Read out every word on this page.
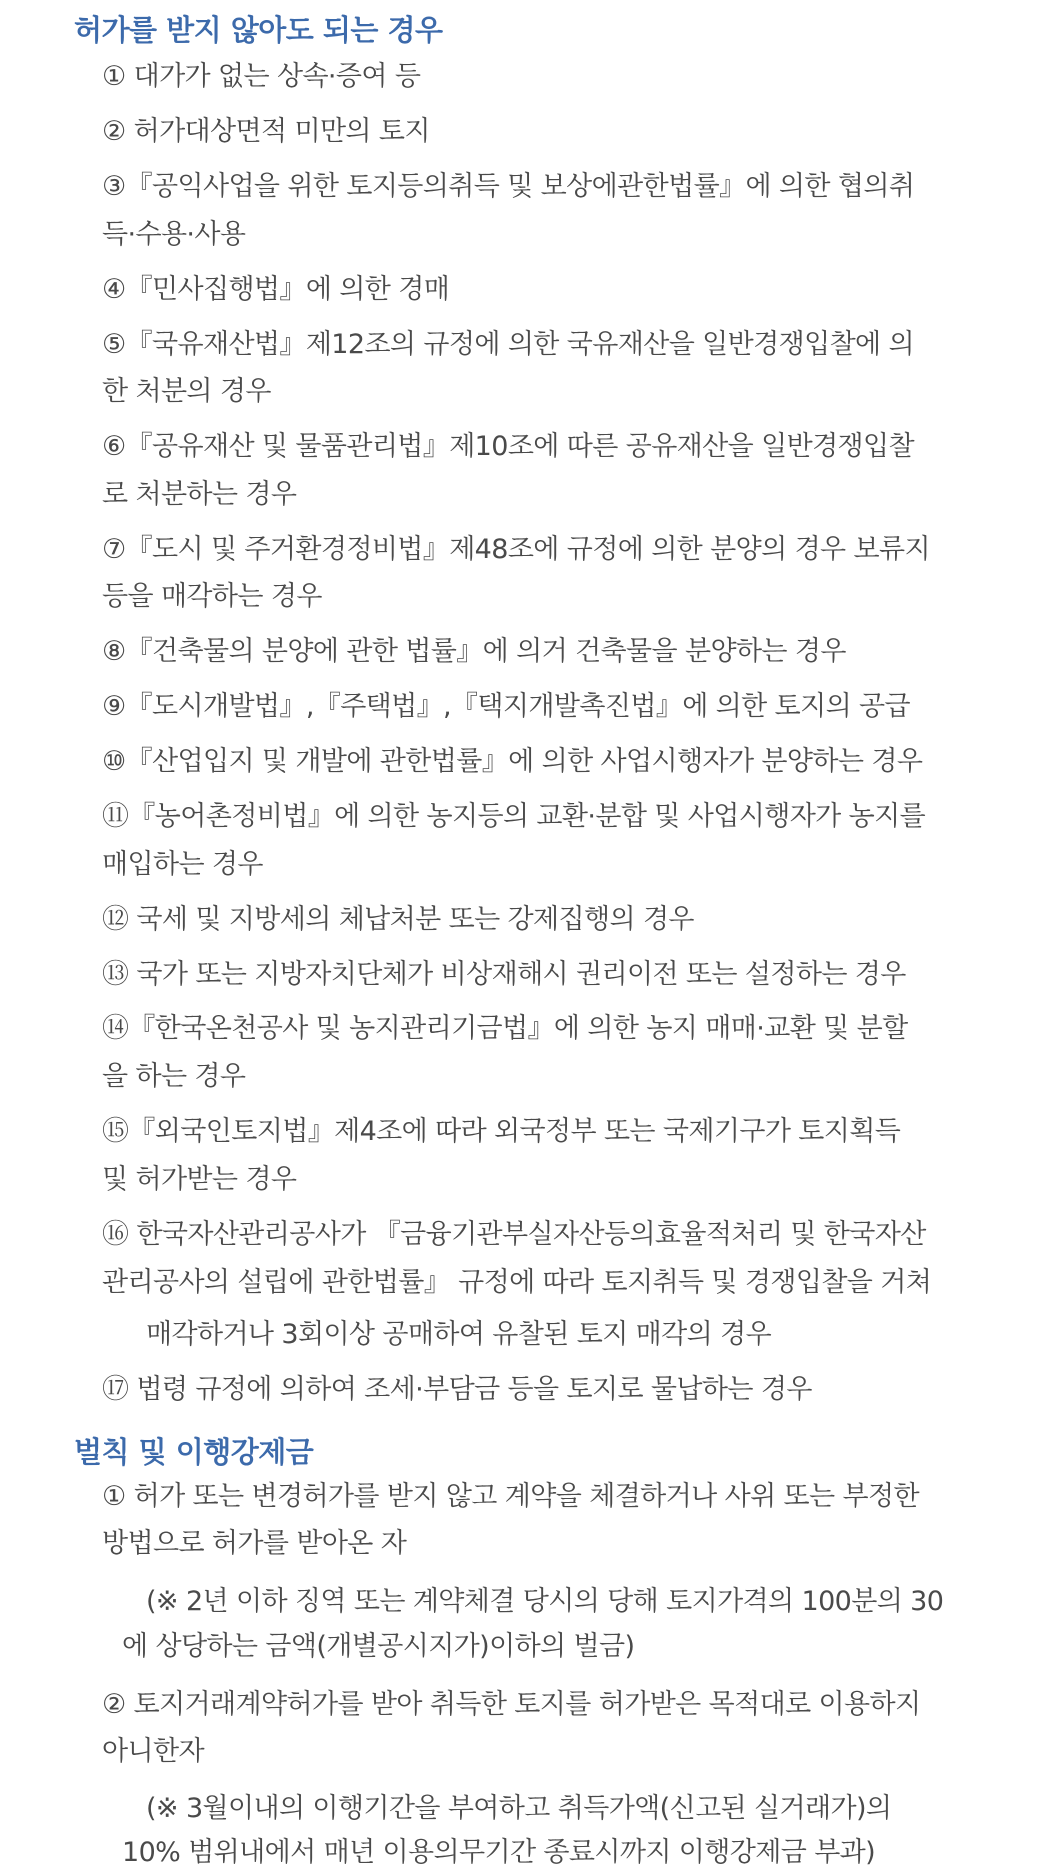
허가를 받지 않아도 되는 경우
① 대가가 없는 상속·증여 등
② 허가대상면적 미만의 토지
③『공익사업을 위한 토지등의취득 및 보상에관한법률』에 의한 협의취
득·수용·사용
④『민사집행법』에 의한 경매
⑤『국유재산법』제12조의 규정에 의한 국유재산을 일반경쟁입찰에 의
한 처분의 경우
⑥『공유재산 및 물품관리법』제10조에 따른 공유재산을 일반경쟁입찰
로 처분하는 경우
⑦『도시 및 주거환경정비법』제48조에 규정에 의한 분양의 경우 보류지
등을 매각하는 경우
⑧『건축물의 분양에 관한 법률』에 의거 건축물을 분양하는 경우
⑨『도시개발법』,『주택법』,『택지개발촉진법』에 의한 토지의 공급
⑩『산업입지 및 개발에 관한법률』에 의한 사업시행자가 분양하는 경우
⑪『농어촌정비법』에 의한 농지등의 교환·분합 및 사업시행자가 농지를
매입하는 경우
⑫ 국세 및 지방세의 체납처분 또는 강제집행의 경우
⑬ 국가 또는 지방자치단체가 비상재해시 권리이전 또는 설정하는 경우
⑭『한국온천공사 및 농지관리기금법』에 의한 농지 매매·교환 및 분할
을 하는 경우
⑮『외국인토지법』제4조에 따라 외국정부 또는 국제기구가 토지획득
및 허가받는 경우
⑯ 한국자산관리공사가 『금융기관부실자산등의효율적처리 및 한국자산
관리공사의 설립에 관한법률』 규정에 따라 토지취득 및 경쟁입찰을 거쳐
매각하거나 3회이상 공매하여 유찰된 토지 매각의 경우
⑰ 법령 규정에 의하여 조세·부담금 등을 토지로 물납하는 경우
벌칙 및 이행강제금
① 허가 또는 변경허가를 받지 않고 계약을 체결하거나 사위 또는 부정한
방법으로 허가를 받아온 자
(※ 2년 이하 징역 또는 계약체결 당시의 당해 토지가격의 100분의 30
에 상당하는 금액(개별공시지가)이하의 벌금)
② 토지거래계약허가를 받아 취득한 토지를 허가받은 목적대로 이용하지
아니한자
(※ 3월이내의 이행기간을 부여하고 취득가액(신고된 실거래가)의
10% 범위내에서 매년 이용의무기간 종료시까지 이행강제금 부과)
